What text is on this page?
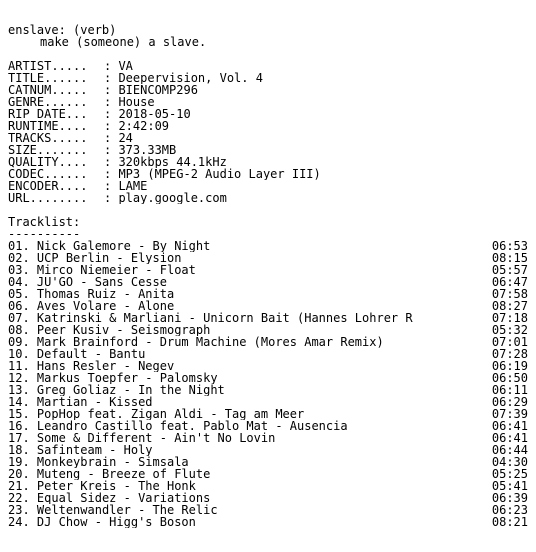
enslave: (verb)
make (someone) a slave.
ARTIST.....	: VA
TITLE......	: Deepervision, Vol. 4
CATNUM.....	: BIENCOMP296
GENRE......	: House
RIP DATE...	: 2018-05-10
RUNTIME....	: 2:42:09
TRACKS.....	: 24
SIZE.......	: 373.33MB
QUALITY....	: 320kbps 44.1kHz
CODEC......	: MP3 (MPEG-2 Audio Layer III)
ENCODER....	: LAME
URL........	: play.google.com
Tracklist:
----------
01. Nick Galemore - By Night	06:53
02. UCP Berlin - Elysion	08:15
03. Mirco Niemeier - Float	05:57
04. JU'GO - Sans Cesse	06:47
05. Thomas Ruiz - Anita	07:58
06. Aves Volare - Alone	08:27
07. Katrinski & Marliani - Unicorn Bait (Hannes Lohrer R	07:18
08. Peer Kusiv - Seismograph	05:32
09. Mark Brainford - Drum Machine (Mores Amar Remix)	07:01
10. Default - Bantu	07:28
11. Hans Resler - Negev	06:19
12. Markus Toepfer - Palomsky	06:50
13. Greg Goliaz - In the Night	06:11
14. Martian - Kissed	06:29
15. PopHop feat. Zigan Aldi - Tag am Meer	07:39
16. Leandro Castillo feat. Pablo Mat - Ausencia	06:41
17. Some & Different - Ain't No Lovin	06:41
18. Safinteam - Holy	06:44
19. Monkeybrain - Simsala	04:30
20. Muteng - Breeze of Flute	05:25
21. Peter Kreis - The Honk	05:41
22. Equal Sidez - Variations	06:39
23. Weltenwandler - The Relic	06:23
24. DJ Chow - Higg's Boson	08:21
